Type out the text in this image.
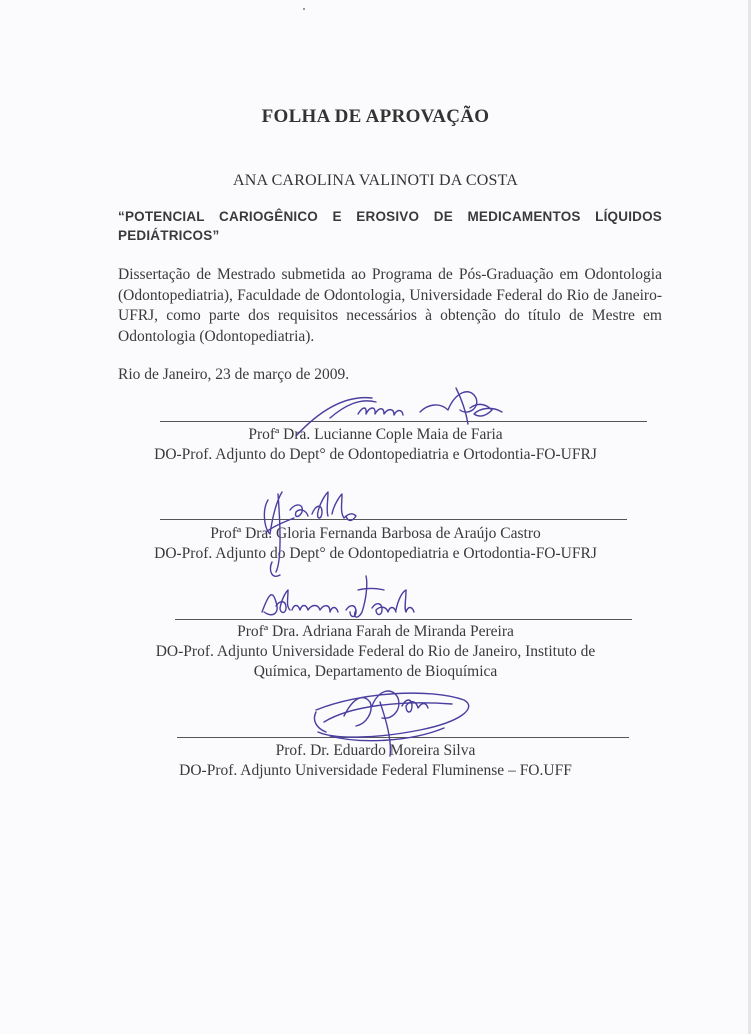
FOLHA DE APROVAÇÃO
ANA CAROLINA VALINOTI DA COSTA
“POTENCIAL CARIOGÊNICO E EROSIVO DE MEDICAMENTOS LÍQUIDOS PEDIÁTRICOS”
Dissertação de Mestrado submetida ao Programa de Pós-Graduação em Odontologia (Odontopediatria), Faculdade de Odontologia, Universidade Federal do Rio de Janeiro-UFRJ, como parte dos requisitos necessários à obtenção do título de Mestre em Odontologia (Odontopediatria).
Rio de Janeiro, 23 de março de 2009.
Profª Dra. Lucianne Cople Maia de Faria
DO-Prof. Adjunto do Dept° de Odontopediatria e Ortodontia-FO-UFRJ
Profª Dra. Gloria Fernanda Barbosa de Araújo Castro
DO-Prof. Adjunto do Dept° de Odontopediatria e Ortodontia-FO-UFRJ
Profª Dra. Adriana Farah de Miranda Pereira
DO-Prof. Adjunto Universidade Federal do Rio de Janeiro, Instituto de
Química, Departamento de Bioquímica
Prof. Dr. Eduardo Moreira Silva
DO-Prof. Adjunto Universidade Federal Fluminense – FO.UFF
